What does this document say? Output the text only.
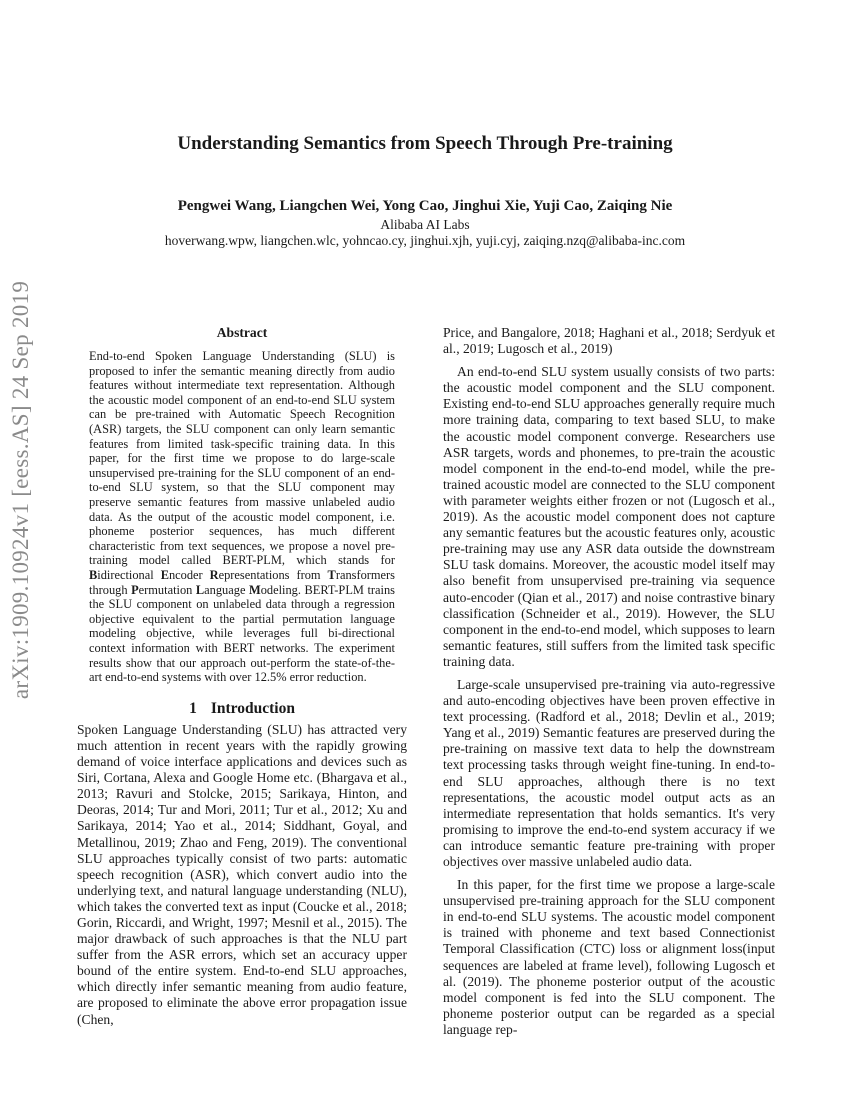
arXiv:1909.10924v1 [eess.AS] 24 Sep 2019
Understanding Semantics from Speech Through Pre-training
Pengwei Wang, Liangchen Wei, Yong Cao, Jinghui Xie, Yuji Cao, Zaiqing Nie
Alibaba AI Labs
hoverwang.wpw, liangchen.wlc, yohncao.cy, jinghui.xjh, yuji.cyj, zaiqing.nzq@alibaba-inc.com
Abstract

End-to-end Spoken Language Understanding (SLU) is proposed to infer the semantic meaning directly from audio features without intermediate text representation. Although the acoustic model component of an end-to-end SLU system can be pre-trained with Automatic Speech Recognition (ASR) targets, the SLU component can only learn semantic features from limited task-specific training data. In this paper, for the first time we propose to do large-scale unsupervised pre-training for the SLU component of an end-to-end SLU system, so that the SLU component may preserve semantic features from massive unlabeled audio data. As the output of the acoustic model component, i.e. phoneme posterior sequences, has much different characteristic from text sequences, we propose a novel pre-training model called BERT-PLM, which stands for Bidirectional Encoder Representations from Transformers through Permutation Language Modeling. BERT-PLM trains the SLU component on unlabeled data through a regression objective equivalent to the partial permutation language modeling objective, while leverages full bi-directional context information with BERT networks. The experiment results show that our approach out-perform the state-of-the-art end-to-end systems with over 12.5% error reduction.

1 Introduction

Spoken Language Understanding (SLU) has attracted very much attention in recent years with the rapidly growing demand of voice interface applications and devices such as Siri, Cortana, Alexa and Google Home etc. (Bhargava et al., 2013; Ravuri and Stolcke, 2015; Sarikaya, Hinton, and Deoras, 2014; Tur and Mori, 2011; Tur et al., 2012; Xu and Sarikaya, 2014; Yao et al., 2014; Siddhant, Goyal, and Metallinou, 2019; Zhao and Feng, 2019). The conventional SLU approaches typically consist of two parts: automatic speech recognition (ASR), which convert audio into the underlying text, and natural language understanding (NLU), which takes the converted text as input (Coucke et al., 2018; Gorin, Riccardi, and Wright, 1997; Mesnil et al., 2015). The major drawback of such approaches is that the NLU part suffer from the ASR errors, which set an accuracy upper bound of the entire system. End-to-end SLU approaches, which directly infer semantic meaning from audio feature, are proposed to eliminate the above error propagation issue (Chen,

Price, and Bangalore, 2018; Haghani et al., 2018; Serdyuk et al., 2019; Lugosch et al., 2019)

An end-to-end SLU system usually consists of two parts: the acoustic model component and the SLU component. Existing end-to-end SLU approaches generally require much more training data, comparing to text based SLU, to make the acoustic model component converge. Researchers use ASR targets, words and phonemes, to pre-train the acoustic model component in the end-to-end model, while the pre-trained acoustic model are connected to the SLU component with parameter weights either frozen or not (Lugosch et al., 2019). As the acoustic model component does not capture any semantic features but the acoustic features only, acoustic pre-training may use any ASR data outside the downstream SLU task domains. Moreover, the acoustic model itself may also benefit from unsupervised pre-training via sequence auto-encoder (Qian et al., 2017) and noise contrastive binary classification (Schneider et al., 2019). However, the SLU component in the end-to-end model, which supposes to learn semantic features, still suffers from the limited task specific training data.

Large-scale unsupervised pre-training via auto-regressive and auto-encoding objectives have been proven effective in text processing. (Radford et al., 2018; Devlin et al., 2019; Yang et al., 2019) Semantic features are preserved during the pre-training on massive text data to help the downstream text processing tasks through weight fine-tuning. In end-to-end SLU approaches, although there is no text representations, the acoustic model output acts as an intermediate representation that holds semantics. It's very promising to improve the end-to-end system accuracy if we can introduce semantic feature pre-training with proper objectives over massive unlabeled audio data.

In this paper, for the first time we propose a large-scale unsupervised pre-training approach for the SLU component in end-to-end SLU systems. The acoustic model component is trained with phoneme and text based Connectionist Temporal Classification (CTC) loss or alignment loss(input sequences are labeled at frame level), following Lugosch et al. (2019). The phoneme posterior output of the acoustic model component is fed into the SLU component. The phoneme posterior output can be regarded as a special language rep-
